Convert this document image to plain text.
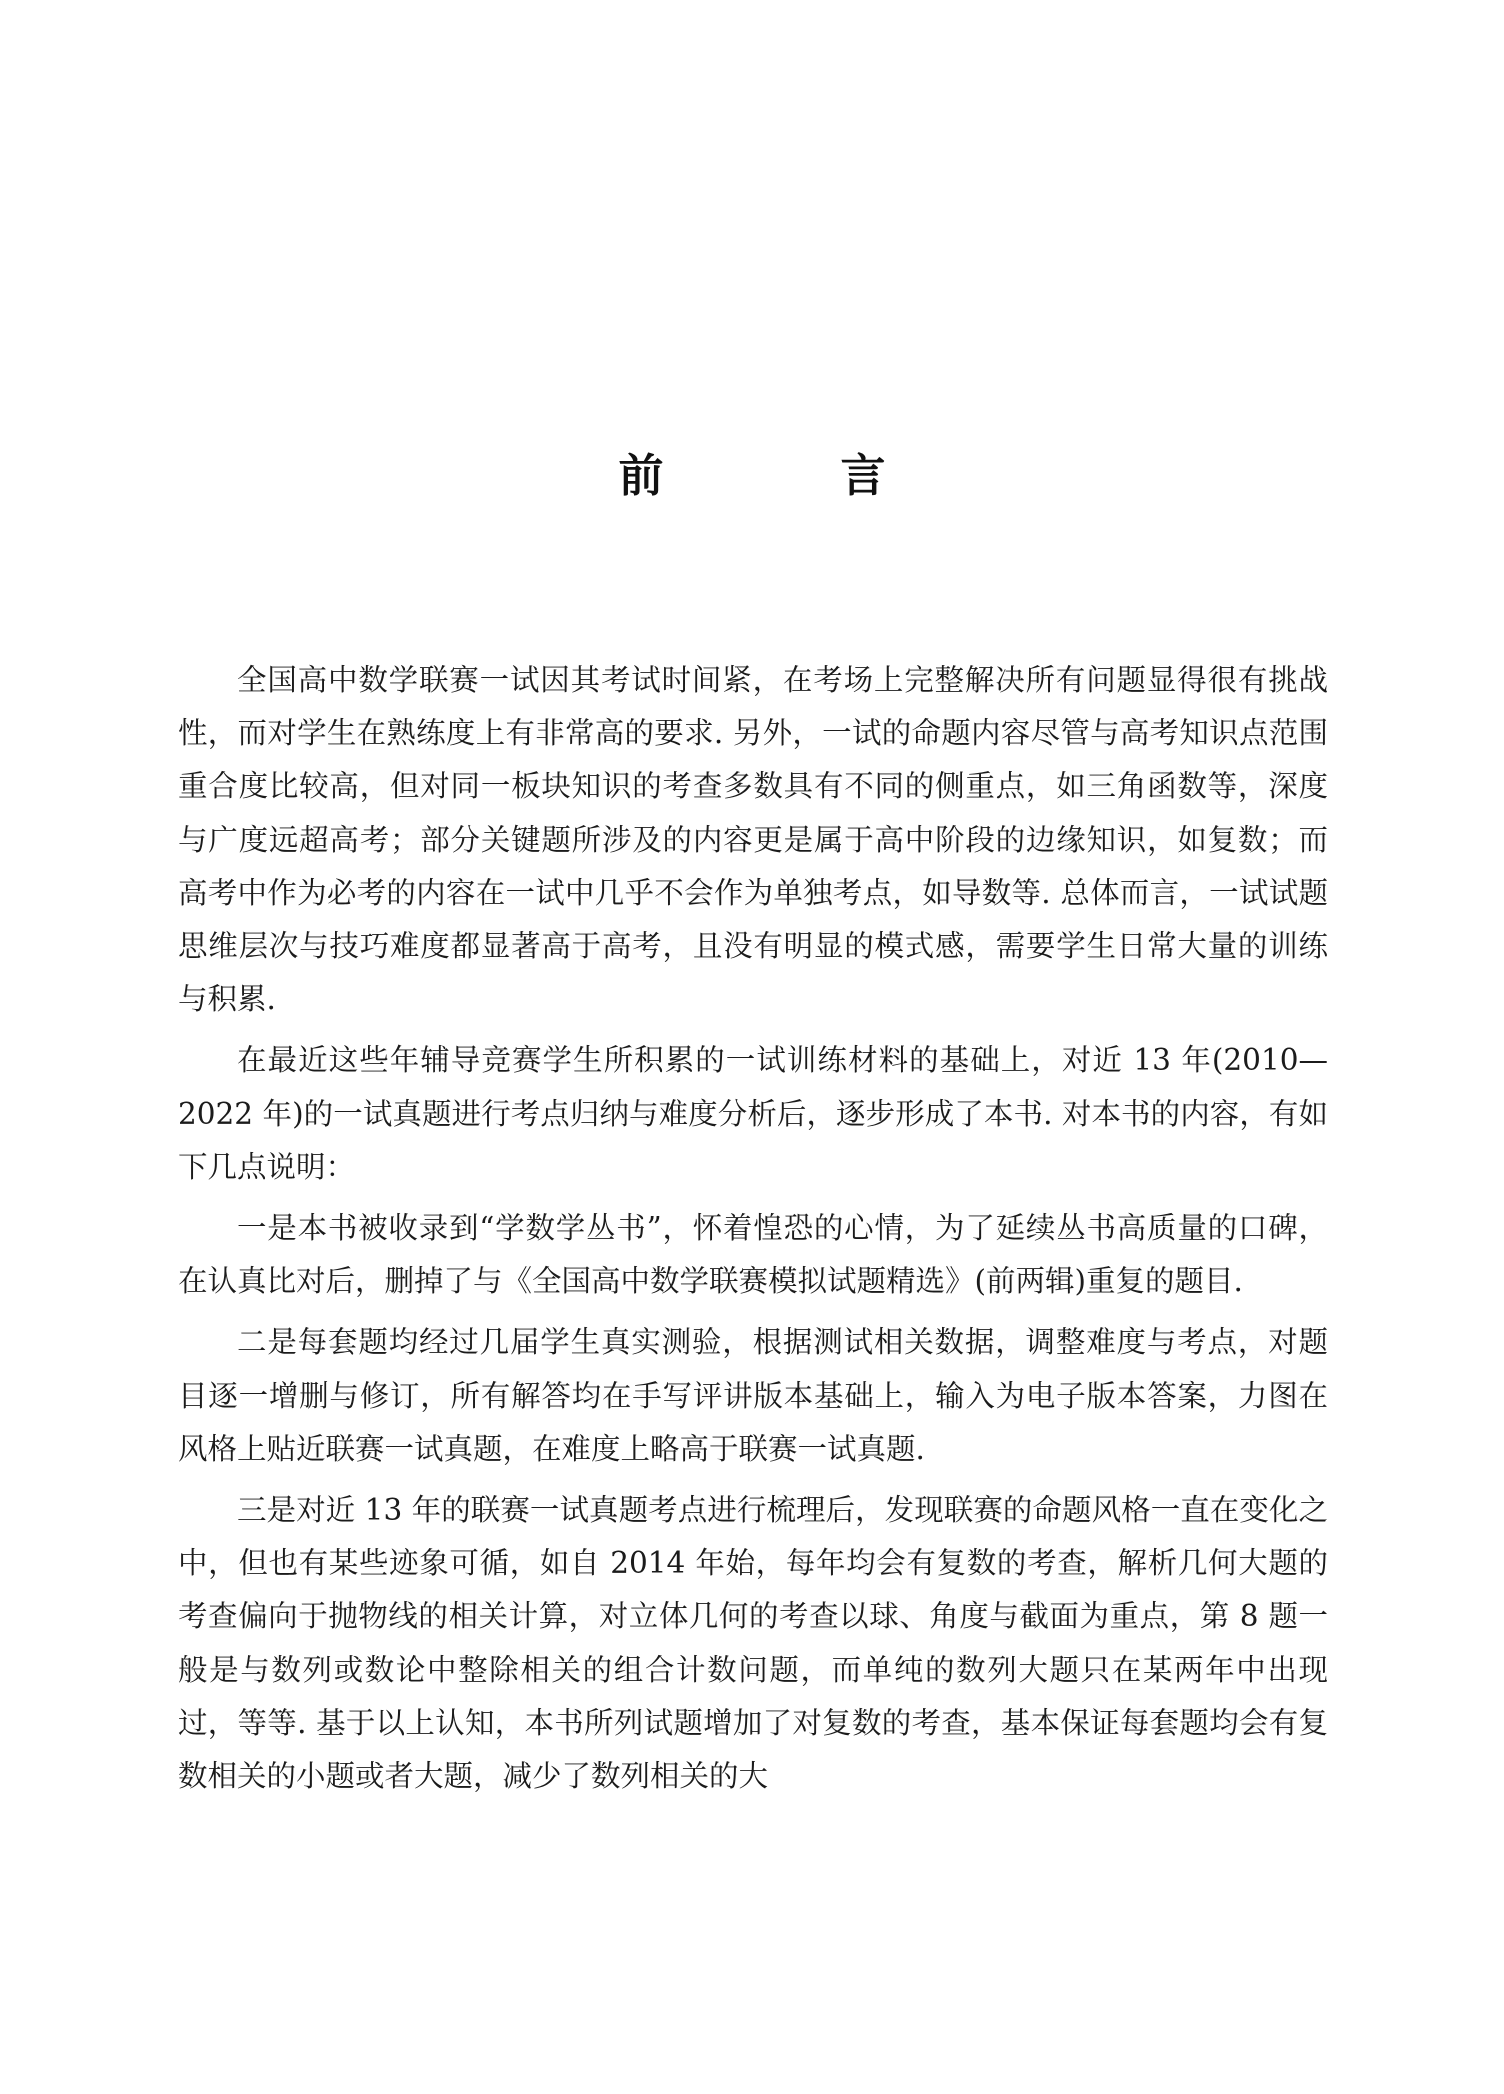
前　言

全国高中数学联赛一试因其考试时间紧，在考场上完整解决所有问题显得很有挑战性，而对学生在熟练度上有非常高的要求. 另外，一试的命题内容尽管与高考知识点范围重合度比较高，但对同一板块知识的考查多数具有不同的侧重点，如三角函数等，深度与广度远超高考；部分关键题所涉及的内容更是属于高中阶段的边缘知识，如复数；而高考中作为必考的内容在一试中几乎不会作为单独考点，如导数等. 总体而言，一试试题思维层次与技巧难度都显著高于高考，且没有明显的模式感，需要学生日常大量的训练与积累.

在最近这些年辅导竞赛学生所积累的一试训练材料的基础上，对近 13 年(2010—2022 年)的一试真题进行考点归纳与难度分析后，逐步形成了本书. 对本书的内容，有如下几点说明：

一是本书被收录到“学数学丛书”，怀着惶恐的心情，为了延续丛书高质量的口碑，在认真比对后，删掉了与《全国高中数学联赛模拟试题精选》(前两辑)重复的题目.

二是每套题均经过几届学生真实测验，根据测试相关数据，调整难度与考点，对题目逐一增删与修订，所有解答均在手写评讲版本基础上，输入为电子版本答案，力图在风格上贴近联赛一试真题，在难度上略高于联赛一试真题.

三是对近 13 年的联赛一试真题考点进行梳理后，发现联赛的命题风格一直在变化之中，但也有某些迹象可循，如自 2014 年始，每年均会有复数的考查，解析几何大题的考查偏向于抛物线的相关计算，对立体几何的考查以球、角度与截面为重点，第 8 题一般是与数列或数论中整除相关的组合计数问题，而单纯的数列大题只在某两年中出现过，等等. 基于以上认知，本书所列试题增加了对复数的考查，基本保证每套题均会有复数相关的小题或者大题，减少了数列相关的大
